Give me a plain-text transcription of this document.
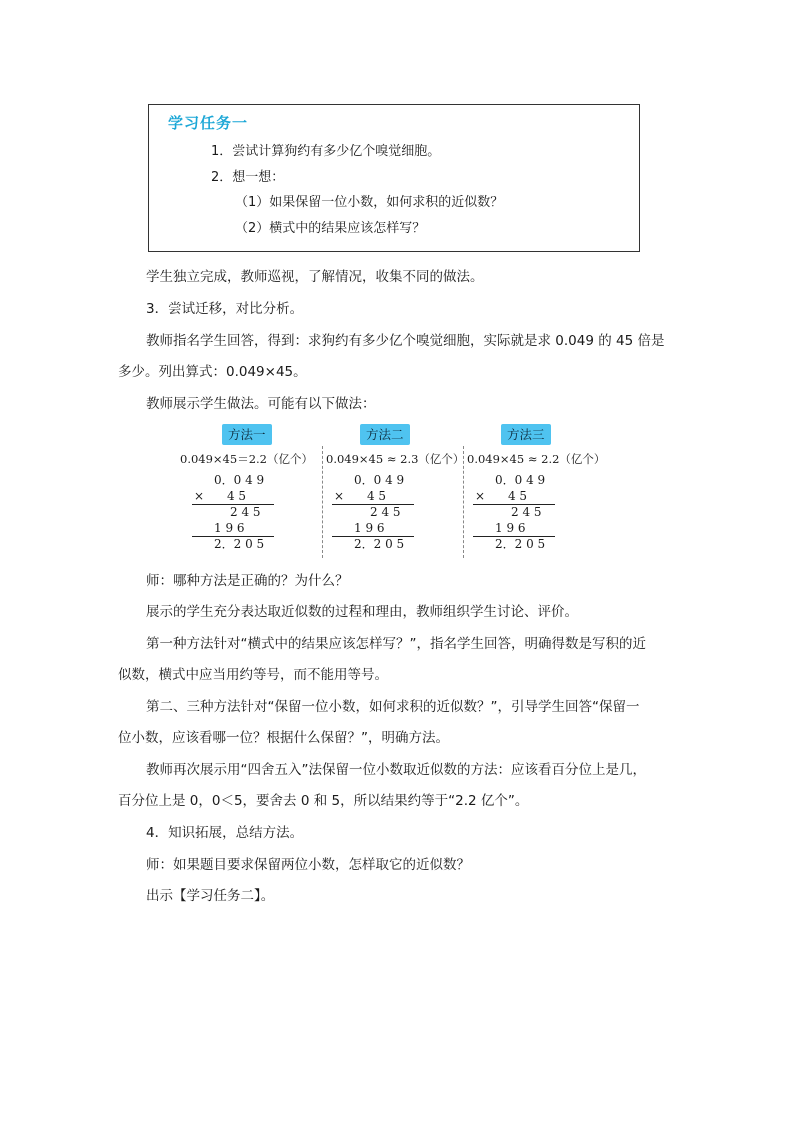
学习任务一
1．尝试计算狗约有多少亿个嗅觉细胞。
2．想一想：
（1）如果保留一位小数，如何求积的近似数？
（2）横式中的结果应该怎样写？
学生独立完成，教师巡视，了解情况，收集不同的做法。
3．尝试迁移，对比分析。
教师指名学生回答，得到：求狗约有多少亿个嗅觉细胞，实际就是求 0.049 的 45 倍是
多少。列出算式：0.049×45。
教师展示学生做法。可能有以下做法：
方法一
0.049×45＝2.2（亿个）
0．0 4 9
×      4 5
2 4 5
1 9 6
2．2 0 5
方法二
0.049×45 ≈ 2.3（亿个）
0．0 4 9
×      4 5
2 4 5
1 9 6
2．2 0 5
方法三
0.049×45 ≈ 2.2（亿个）
0．0 4 9
×      4 5
2 4 5
1 9 6
2．2 0 5
师：哪种方法是正确的？为什么？
展示的学生充分表达取近似数的过程和理由，教师组织学生讨论、评价。
第一种方法针对“横式中的结果应该怎样写？”，指名学生回答，明确得数是写积的近
似数，横式中应当用约等号，而不能用等号。
第二、三种方法针对“保留一位小数，如何求积的近似数？”，引导学生回答“保留一
位小数，应该看哪一位？根据什么保留？”，明确方法。
教师再次展示用“四舍五入”法保留一位小数取近似数的方法：应该看百分位上是几，
百分位上是 0，0＜5，要舍去 0 和 5，所以结果约等于“2.2 亿个”。
4．知识拓展，总结方法。
师：如果题目要求保留两位小数，怎样取它的近似数？
出示【学习任务二】。
